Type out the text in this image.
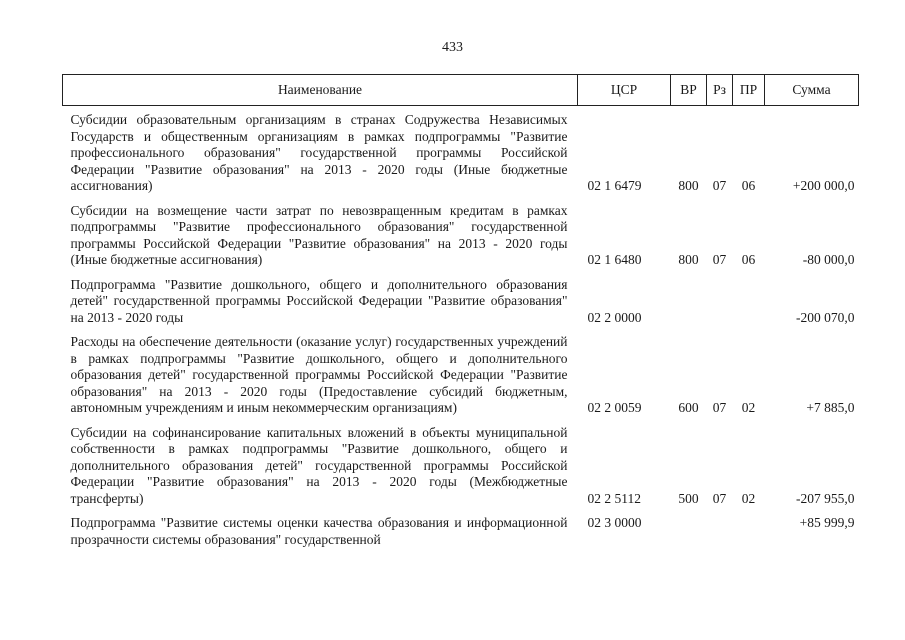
433
Наименование	ЦСР	ВР	Рз	ПР	Сумма
Субсидии образовательным организациям в странах Содружества Независимых Государств и общественным организациям в рамках подпрограммы "Развитие профессионального образования" государственной программы Российской Федерации "Развитие образования" на 2013 - 2020 годы (Иные бюджетные ассигнования)	02 1 6479	800	07	06	+200 000,0
Субсидии на возмещение части затрат по невозвращенным кредитам в рамках подпрограммы "Развитие профессионального образования" государственной программы Российской Федерации "Развитие образования" на 2013 - 2020 годы (Иные бюджетные ассигнования)	02 1 6480	800	07	06	-80 000,0
Подпрограмма "Развитие дошкольного, общего и дополнительного образования детей" государственной программы Российской Федерации "Развитие образования" на 2013 - 2020 годы	02 2 0000				-200 070,0
Расходы на обеспечение деятельности (оказание услуг) государственных учреждений в рамках подпрограммы "Развитие дошкольного, общего и дополнительного образования детей" государственной программы Российской Федерации "Развитие образования" на 2013 - 2020 годы (Предоставление субсидий бюджетным, автономным учреждениям и иным некоммерческим организациям)	02 2 0059	600	07	02	+7 885,0
Субсидии на софинансирование капитальных вложений в объекты муниципальной собственности в рамках подпрограммы "Развитие дошкольного, общего и дополнительного образования детей" государственной программы Российской Федерации "Развитие образования" на 2013 - 2020 годы (Межбюджетные трансферты)	02 2 5112	500	07	02	-207 955,0
Подпрограмма "Развитие системы оценки качества образования и информационной прозрачности системы образования" государственной	02 3 0000				+85 999,9
